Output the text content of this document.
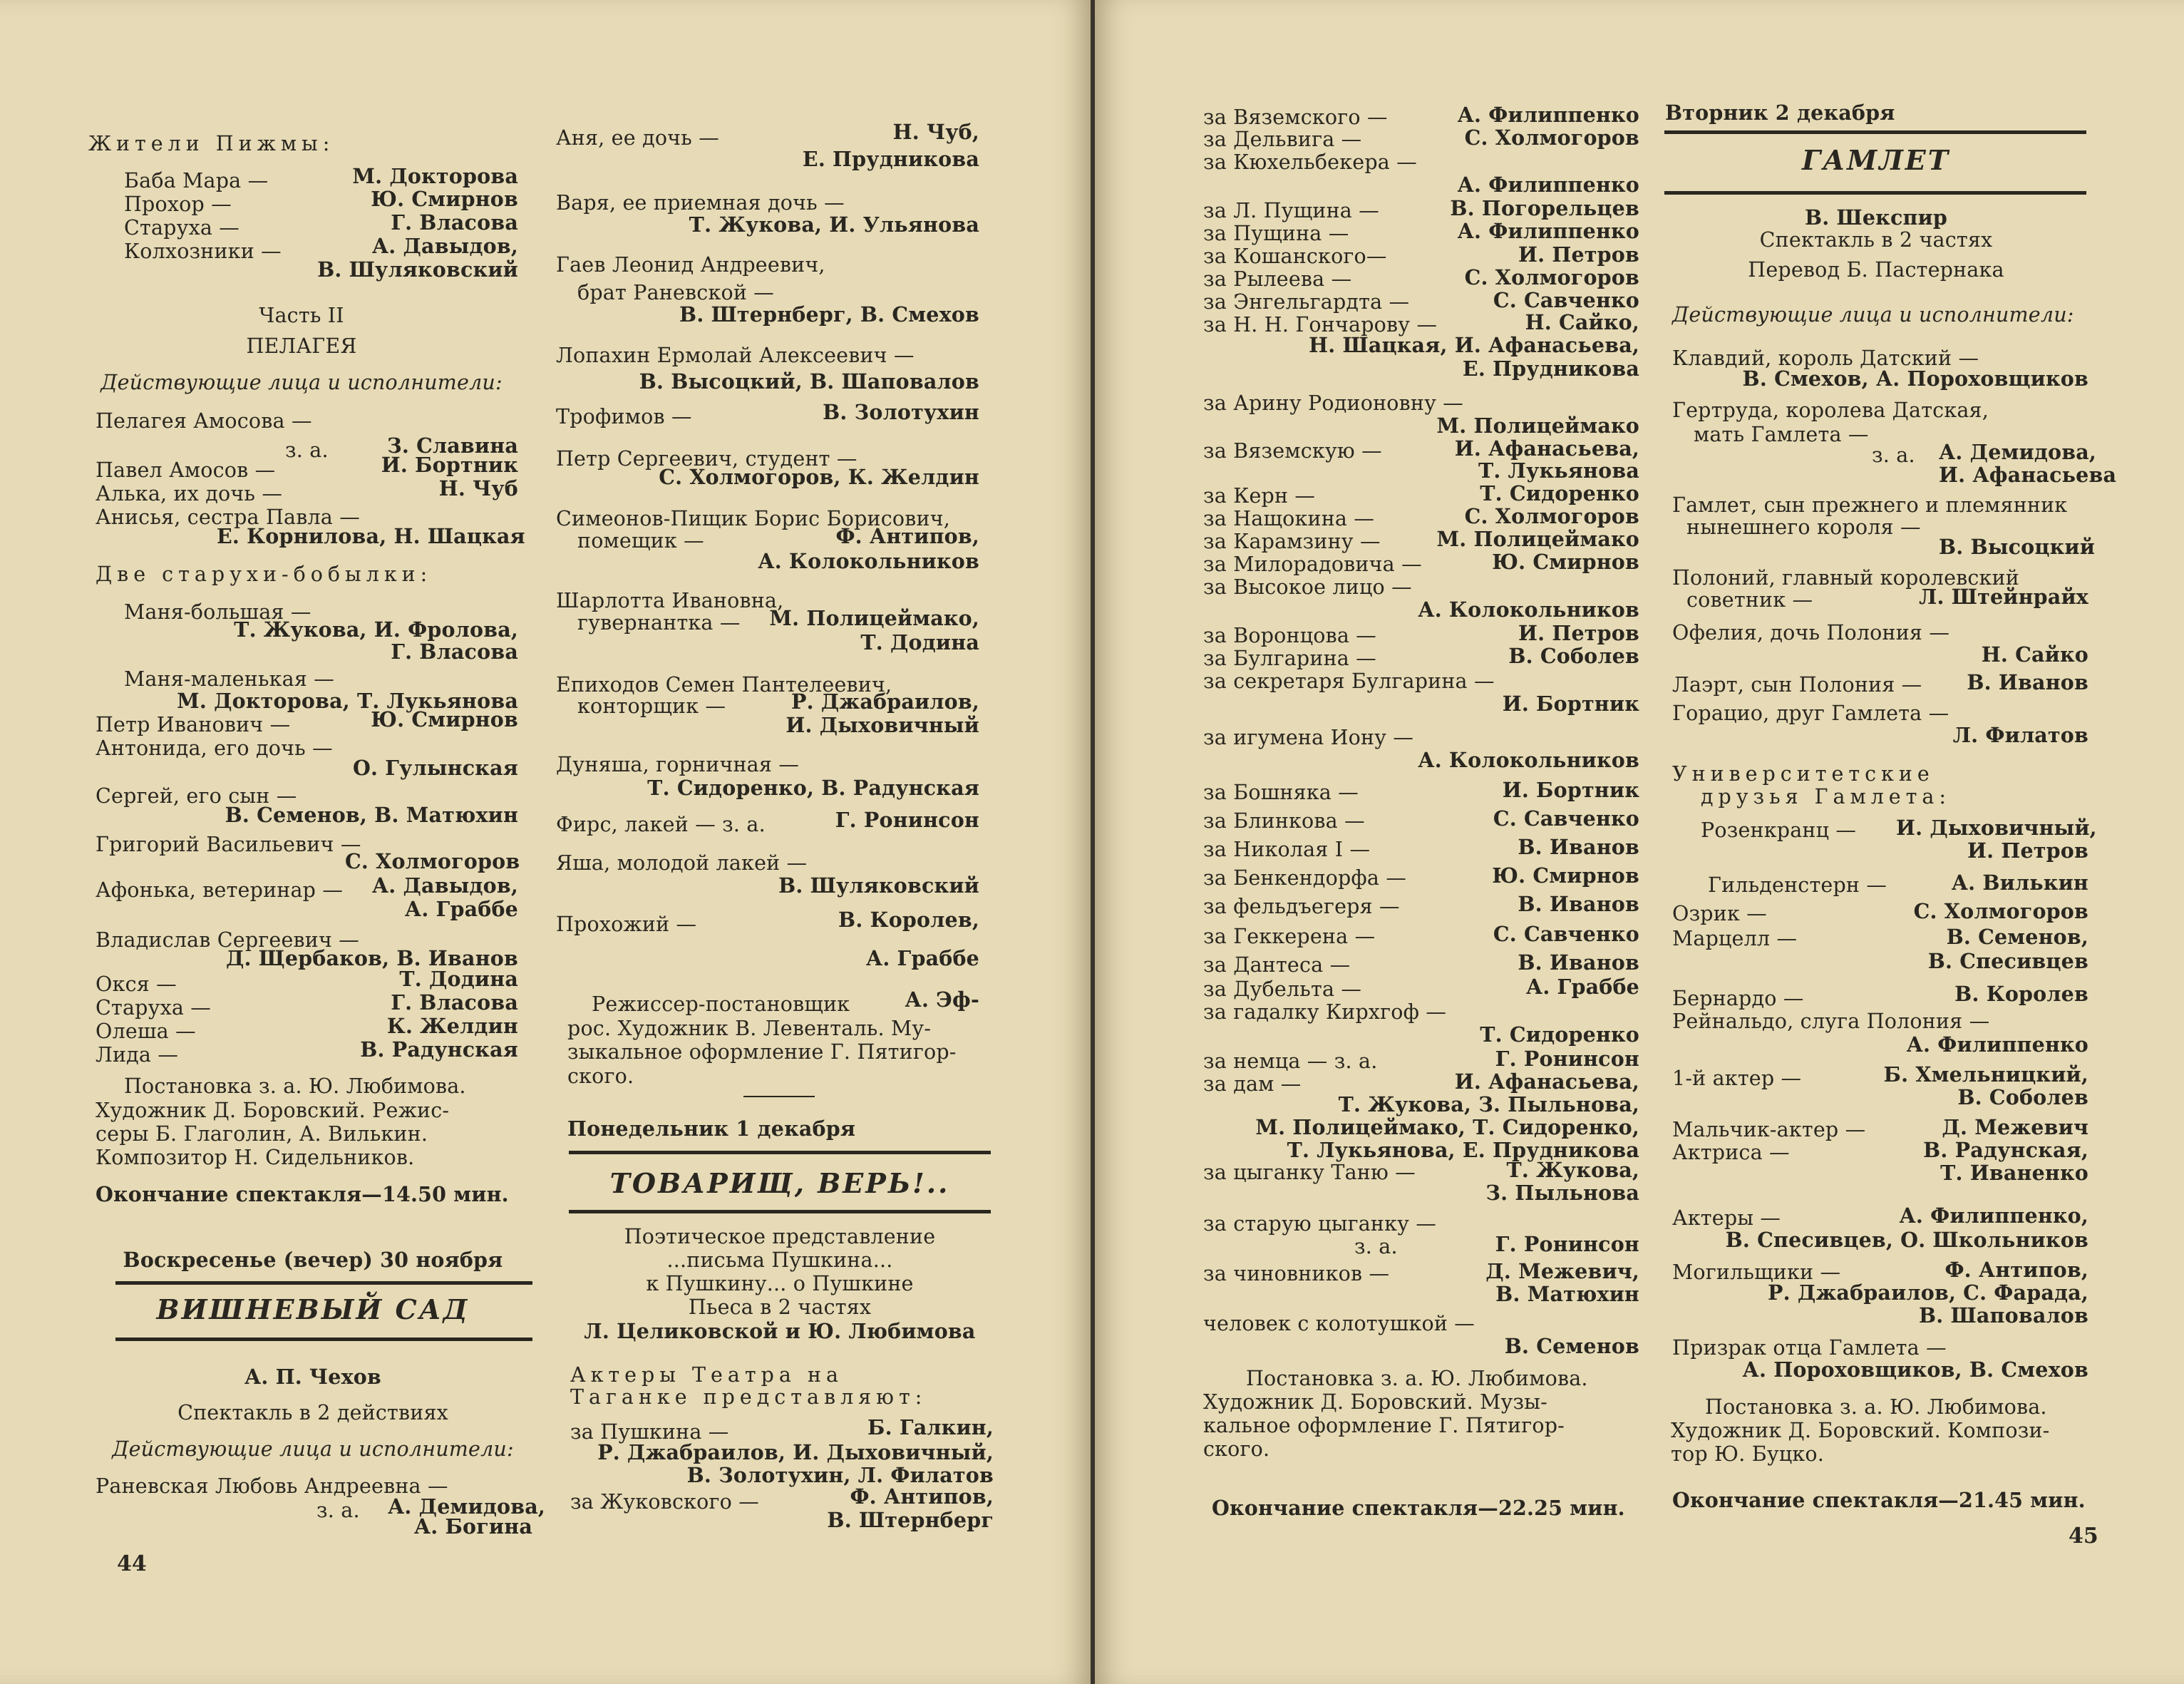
Жители Пижмы:
Баба Мара —	М. Докторова
Прохор —	Ю. Смирнов
Старуха —	Г. Власова
Колхозники —	А. Давыдов,
В. Шуляковский
Часть II
ПЕЛАГЕЯ
Действующие лица и исполнители:
Пелагея Амосова —
з. а.	З. Славина
Павел Амосов —	И. Бортник
Алька, их дочь —	Н. Чуб
Анисья, сестра Павла —
Е. Корнилова, Н. Шацкая
Две старухи-бобылки:
Маня-большая —
Т. Жукова, И. Фролова,
Г. Власова
Маня-маленькая —
М. Докторова, Т. Лукьянова
Петр Иванович —	Ю. Смирнов
Антонида, его дочь —
О. Гулынская
Сергей, его сын —
В. Семенов, В. Матюхин
Григорий Васильевич —
С. Холмогоров
Афонька, ветеринар —	А. Давыдов,
А. Граббе
Владислав Сергеевич —
Д. Щербаков, В. Иванов
Окся —	Т. Додина
Старуха —	Г. Власова
Олеша —	К. Желдин
Лида —	В. Радунская
Постановка з. а. Ю. Любимова.
Художник Д. Боровский. Режис-
серы Б. Глаголин, А. Вилькин.
Композитор Н. Сидельников.
Окончание спектакля—14.50 мин.
Воскресенье (вечер) 30 ноября
ВИШНЕВЫЙ САД
А. П. Чехов
Спектакль в 2 действиях
Действующие лица и исполнители:
Раневская Любовь Андреевна —
з. а. А. Демидова,
А. Богина
Аня, ее дочь —	Н. Чуб,
Е. Прудникова
Варя, ее приемная дочь —
Т. Жукова, И. Ульянова
Гаев Леонид Андреевич,
брат Раневской —
В. Штернберг, В. Смехов
Лопахин Ермолай Алексеевич —
В. Высоцкий, В. Шаповалов
Трофимов —	В. Золотухин
Петр Сергеевич, студент —
С. Холмогоров, К. Желдин
Симеонов-Пищик Борис Борисович,
помещик —	Ф. Антипов,
А. Колокольников
Шарлотта Ивановна,
гувернантка —	М. Полицеймако,
Т. Додина
Епиходов Семен Пантелеевич,
конторщик —	Р. Джабраилов,
И. Дыховичный
Дуняша, горничная —
Т. Сидоренко, В. Радунская
Фирс, лакей — з. а.	Г. Ронинсон
Яша, молодой лакей —
В. Шуляковский
Прохожий —	В. Королев,
А. Граббе
Режиссер-постановщик	А. Эф-
рос. Художник В. Левенталь. Му-
зыкальное оформление Г. Пятигор-
ского.
Понедельник 1 декабря
ТОВАРИЩ, ВЕРЬ!..
Поэтическое представление
...письма Пушкина...
к Пушкину... о Пушкине
Пьеса в 2 частях
Л. Целиковской и Ю. Любимова
Актеры Театра на
Таганке представляют:
за Пушкина —	Б. Галкин,
Р. Джабраилов, И. Дыховичный,
В. Золотухин, Л. Филатов
за Жуковского —	Ф. Антипов,
В. Штернберг
44
за Вяземского —	А. Филиппенко
за Дельвига —	С. Холмогоров
за Кюхельбекера —
А. Филиппенко
за Л. Пущина —	В. Погорельцев
за Пущина —	А. Филиппенко
за Кошанского—	И. Петров
за Рылеева —	С. Холмогоров
за Энгельгардта —	С. Савченко
за Н. Н. Гончарову —	Н. Сайко,
Н. Шацкая, И. Афанасьева,
Е. Прудникова
за Арину Родионовну —
М. Полицеймако
за Вяземскую —	И. Афанасьева,
Т. Лукьянова
за Керн —	Т. Сидоренко
за Нащокина —	С. Холмогоров
за Карамзину —	М. Полицеймако
за Милорадовича —	Ю. Смирнов
за Высокое лицо —
А. Колокольников
за Воронцова —	И. Петров
за Булгарина —	В. Соболев
за секретаря Булгарина —
И. Бортник
за игумена Иону —
А. Колокольников
за Бошняка —	И. Бортник
за Блинкова —	С. Савченко
за Николая I —	В. Иванов
за Бенкендорфа —	Ю. Смирнов
за фельдъегеря —	В. Иванов
за Геккерена —	С. Савченко
за Дантеса —	В. Иванов
за Дубельта —	А. Граббе
за гадалку Кирхгоф —
Т. Сидоренко
за немца — з. а.	Г. Ронинсон
за дам —	И. Афанасьева,
Т. Жукова, З. Пыльнова,
М. Полицеймако, Т. Сидоренко,
Т. Лукьянова, Е. Прудникова
за цыганку Таню —	Т. Жукова,
З. Пыльнова
за старую цыганку —
з. а.	Г. Ронинсон
за чиновников —	Д. Межевич,
В. Матюхин
человек с колотушкой —
В. Семенов
Постановка з. а. Ю. Любимова.
Художник Д. Боровский. Музы-
кальное оформление Г. Пятигор-
ского.
Окончание спектакля—22.25 мин.
Вторник 2 декабря
ГАМЛЕТ
В. Шекспир
Спектакль в 2 частях
Перевод Б. Пастернака
Действующие лица и исполнители:
Клавдий, король Датский —
В. Смехов, А. Пороховщиков
Гертруда, королева Датская,
мать Гамлета —
з. а. А. Демидова,
И. Афанасьева
Гамлет, сын прежнего и племянник
нынешнего короля —
В. Высоцкий
Полоний, главный королевский
советник —	Л. Штейнрайх
Офелия, дочь Полония —
Н. Сайко
Лаэрт, сын Полония —	В. Иванов
Горацио, друг Гамлета —
Л. Филатов
Университетские
друзья Гамлета:
Розенкранц — И. Дыховичный,
И. Петров
Гильденстерн —	А. Вилькин
Озрик —	С. Холмогоров
Марцелл —	В. Семенов,
В. Спесивцев
Бернардо —	В. Королев
Рейнальдо, слуга Полония —
А. Филиппенко
1-й актер —	Б. Хмельницкий,
В. Соболев
Мальчик-актер —	Д. Межевич
Актриса —	В. Радунская,
Т. Иваненко
Актеры —	А. Филиппенко,
В. Спесивцев, О. Школьников
Могильщики —	Ф. Антипов,
Р. Джабраилов, С. Фарада,
В. Шаповалов
Призрак отца Гамлета —
А. Пороховщиков, В. Смехов
Постановка з. а. Ю. Любимова.
Художник Д. Боровский. Компози-
тор Ю. Буцко.
Окончание спектакля—21.45 мин.
45
